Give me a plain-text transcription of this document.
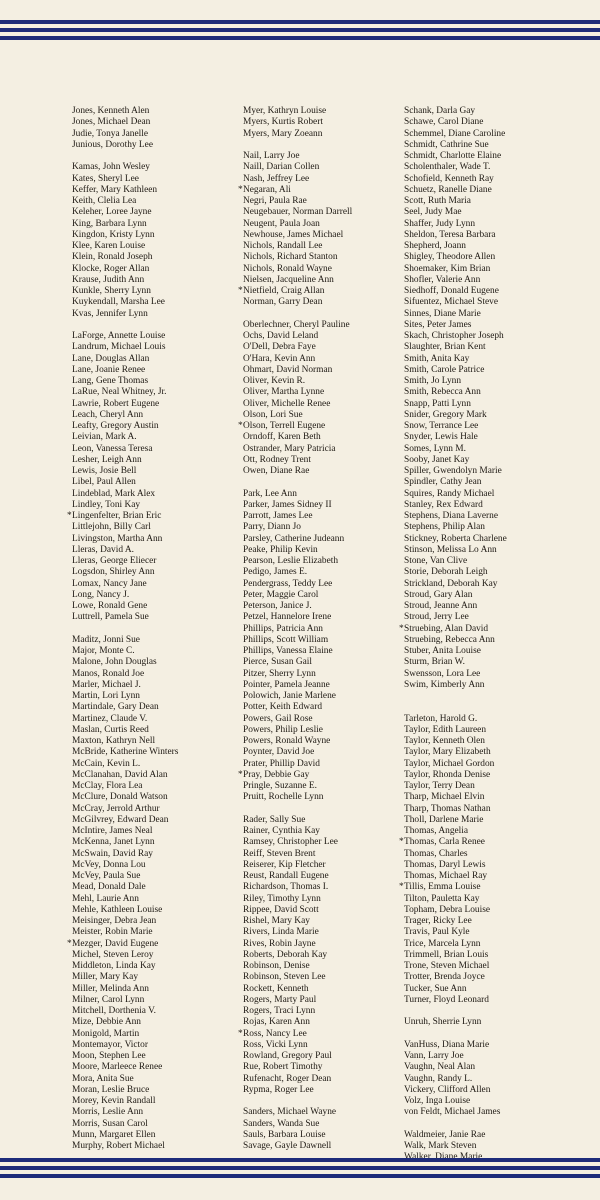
Jones, Kenneth Alen
Jones, Michael Dean
Judie, Tonya Janelle
Junious, Dorothy Lee
Kamas, John Wesley
Kates, Sheryl Lee
Keffer, Mary Kathleen
Keith, Clelia Lea
Keleher, Loree Jayne
King, Barbara Lynn
Kingdon, Kristy Lynn
Klee, Karen Louise
Klein, Ronald Joseph
Klocke, Roger Allan
Krause, Judith Ann
Kunkle, Sherry Lynn
Kuykendall, Marsha Lee
Kvas, Jennifer Lynn
LaForge, Annette Louise
Landrum, Michael Louis
Lane, Douglas Allan
Lane, Joanie Renee
Lang, Gene Thomas
LaRue, Neal Whitney, Jr.
Lawrie, Robert Eugene
Leach, Cheryl Ann
Leafty, Gregory Austin
Leivian, Mark A.
Leon, Vanessa Teresa
Lesher, Leigh Ann
Lewis, Josie Bell
Libel, Paul Allen
Lindeblad, Mark Alex
Lindley, Toni Kay
* Lingenfelter, Brian Eric
Littlejohn, Billy Carl
Livingston, Martha Ann
Lleras, David A.
Lleras, George Eliecer
Logsdon, Shirley Ann
Lomax, Nancy Jane
Long, Nancy J.
Lowe, Ronald Gene
Luttrell, Pamela Sue
Maditz, Jonni Sue
Major, Monte C.
Malone, John Douglas
Manos, Ronald Joe
Marler, Michael J.
Martin, Lori Lynn
Martindale, Gary Dean
Martinez, Claude V.
Maslan, Curtis Reed
Maxton, Kathryn Nell
McBride, Katherine Winters
McCain, Kevin L.
McClanahan, David Alan
McClay, Flora Lea
McClure, Donald Watson
McCray, Jerrold Arthur
McGilvrey, Edward Dean
McIntire, James Neal
McKenna, Janet Lynn
McSwain, David Ray
McVey, Donna Lou
McVey, Paula Sue
Mead, Donald Dale
Mehl, Laurie Ann
Mehle, Kathleen Louise
Meisinger, Debra Jean
Meister, Robin Marie
* Mezger, David Eugene
Michel, Steven Leroy
Middleton, Linda Kay
Miller, Mary Kay
Miller, Melinda Ann
Milner, Carol Lynn
Mitchell, Dorthenia V.
Mize, Debbie Ann
Monigold, Martin
Montemayor, Victor
Moon, Stephen Lee
Moore, Marleece Renee
Mora, Anita Sue
Moran, Leslie Bruce
Morey, Kevin Randall
Morris, Leslie Ann
Morris, Susan Carol
Munn, Margaret Ellen
Murphy, Robert Michael
Myer, Kathryn Louise
Myers, Kurtis Robert
Myers, Mary Zoeann
Nail, Larry Joe
Naill, Darian Collen
Nash, Jeffrey Lee
* Negaran, Ali
Negri, Paula Rae
Neugebauer, Norman Darrell
Neugent, Paula Joan
Newhouse, James Michael
Nichols, Randall Lee
Nichols, Richard Stanton
Nichols, Ronald Wayne
Nielsen, Jacqueline Ann
* Nietfield, Craig Allan
Norman, Garry Dean
Oberlechner, Cheryl Pauline
Ochs, David Leland
O'Dell, Debra Faye
O'Hara, Kevin Ann
Ohmart, David Norman
Oliver, Kevin R.
Oliver, Martha Lynne
Oliver, Michelle Renee
Olson, Lori Sue
* Olson, Terrell Eugene
Orndoff, Karen Beth
Ostrander, Mary Patricia
Ott, Rodney Trent
Owen, Diane Rae
Park, Lee Ann
Parker, James Sidney II
Parrott, James Lee
Parry, Diann Jo
Parsley, Catherine Judeann
Peake, Philip Kevin
Pearson, Leslie Elizabeth
Pedigo, James E.
Pendergrass, Teddy Lee
Peter, Maggie Carol
Peterson, Janice J.
Petzel, Hannelore Irene
Phillips, Patricia Ann
Phillips, Scott William
Phillips, Vanessa Elaine
Pierce, Susan Gail
Pitzer, Sherry Lynn
Pointer, Pamela Jeanne
Polowich, Janie Marlene
Potter, Keith Edward
Powers, Gail Rose
Powers, Philip Leslie
Powers, Ronald Wayne
Poynter, David Joe
Prater, Phillip David
* Pray, Debbie Gay
Pringle, Suzanne E.
Pruitt, Rochelle Lynn
Rader, Sally Sue
Rainer, Cynthia Kay
Ramsey, Christopher Lee
Reiff, Steven Brent
Reiserer, Kip Fletcher
Reust, Randall Eugene
Richardson, Thomas I.
Riley, Timothy Lynn
Rippee, David Scott
Rishel, Mary Kay
Rivers, Linda Marie
Rives, Robin Jayne
Roberts, Deborah Kay
Robinson, Denise
Robinson, Steven Lee
Rockett, Kenneth
Rogers, Marty Paul
Rogers, Traci Lynn
Rojas, Karen Ann
* Ross, Nancy Lee
Ross, Vicki Lynn
Rowland, Gregory Paul
Rue, Robert Timothy
Rufenacht, Roger Dean
Rypma, Roger Lee
Sanders, Michael Wayne
Sanders, Wanda Sue
Sauls, Barbara Louise
Savage, Gayle Dawnell
Schank, Darla Gay
Schawe, Carol Diane
Schemmel, Diane Caroline
Schmidt, Cathrine Sue
Schmidt, Charlotte Elaine
Scholenthaler, Wade T.
Schofield, Kenneth Ray
Schuetz, Ranelle Diane
Scott, Ruth Maria
Seel, Judy Mae
Shaffer, Judy Lynn
Sheldon, Teresa Barbara
Shepherd, Joann
Shigley, Theodore Allen
Shoemaker, Kim Brian
Shofler, Valerie Ann
Siedhoff, Donald Eugene
Sifuentez, Michael Steve
Sinnes, Diane Marie
Sites, Peter James
Skach, Christopher Joseph
Slaughter, Brian Kent
Smith, Anita Kay
Smith, Carole Patrice
Smith, Jo Lynn
Smith, Rebecca Ann
Snapp, Patti Lynn
Snider, Gregory Mark
Snow, Terrance Lee
Snyder, Lewis Hale
Somes, Lynn M.
Sooby, Janet Kay
Spiller, Gwendolyn Marie
Spindler, Cathy Jean
Squires, Randy Michael
Stanley, Rex Edward
Stephens, Diana Laverne
Stephens, Philip Alan
Stickney, Roberta Charlene
Stinson, Melissa Lo Ann
Stone, Van Clive
Storie, Deborah Leigh
Strickland, Deborah Kay
Stroud, Gary Alan
Stroud, Jeanne Ann
Stroud, Jerry Lee
* Struebing, Alan David
Struebing, Rebecca Ann
Stuber, Anita Louise
Sturm, Brian W.
Swensson, Lora Lee
Swim, Kimberly Ann
Tarleton, Harold G.
Taylor, Edith Laureen
Taylor, Kenneth Olen
Taylor, Mary Elizabeth
Taylor, Michael Gordon
Taylor, Rhonda Denise
Taylor, Terry Dean
Tharp, Michael Elvin
Tharp, Thomas Nathan
Tholl, Darlene Marie
Thomas, Angelia
* Thomas, Carla Renee
Thomas, Charles
Thomas, Daryl Lewis
Thomas, Michael Ray
* Tillis, Emma Louise
Tilton, Pauletta Kay
Topham, Debra Louise
Trager, Ricky Lee
Travis, Paul Kyle
Trice, Marcela Lynn
Trimmell, Brian Louis
Trone, Steven Michael
Trotter, Brenda Joyce
Tucker, Sue Ann
Turner, Floyd Leonard
Unruh, Sherrie Lynn
VanHuss, Diana Marie
Vann, Larry Joe
Vaughn, Neal Alan
Vaughn, Randy L.
Vickery, Clifford Allen
Volz, Inga Louise
von Feldt, Michael James
Waldmeier, Janie Rae
Walk, Mark Steven
